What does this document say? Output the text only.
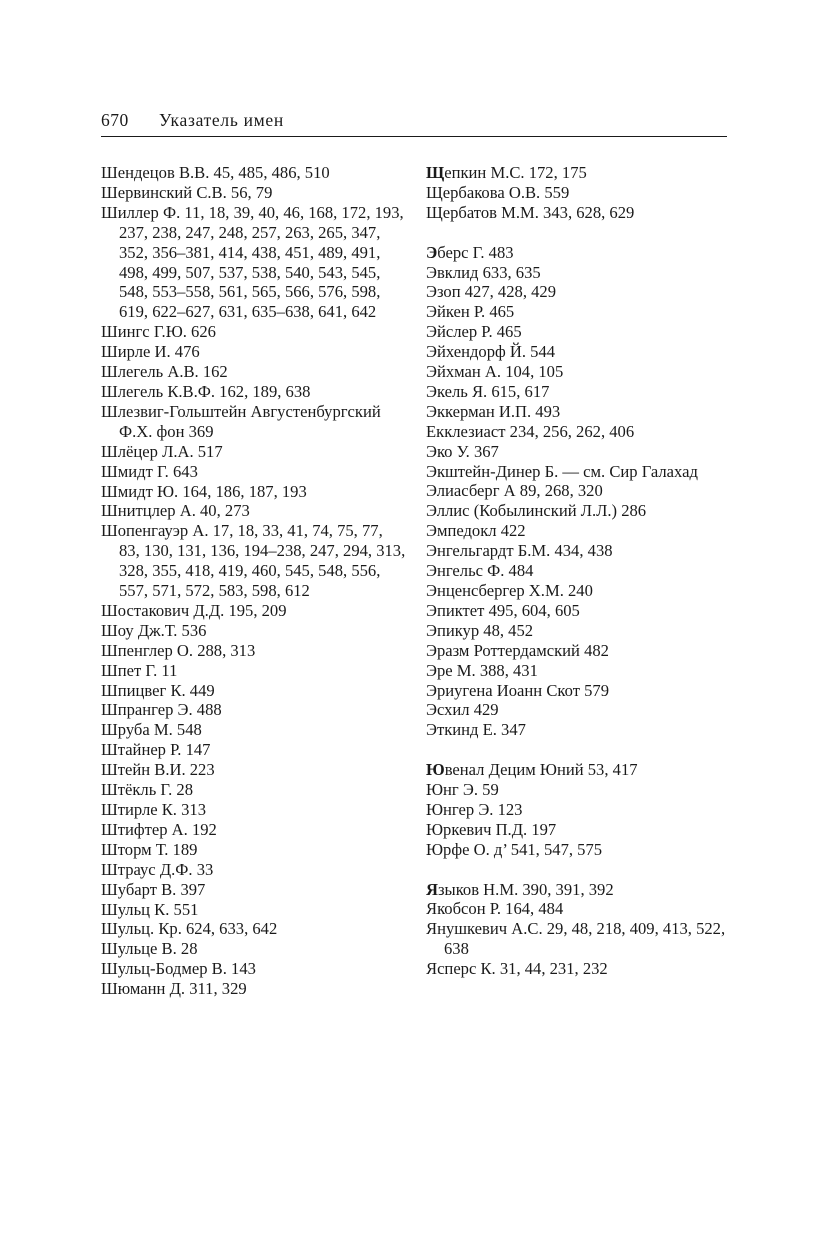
670 Указатель имен
Шендецов В.В. 45, 485, 486, 510
Шервинский С.В. 56, 79
Шиллер Ф. 11, 18, 39, 40, 46, 168, 172, 193, 237, 238, 247, 248, 257, 263, 265, 347, 352, 356–381, 414, 438, 451, 489, 491, 498, 499, 507, 537, 538, 540, 543, 545, 548, 553–558, 561, 565, 566, 576, 598, 619, 622–627, 631, 635–638, 641, 642
Шингс Г.Ю. 626
Ширле И. 476
Шлегель А.В. 162
Шлегель К.В.Ф. 162, 189, 638
Шлезвиг-Гольштейн Августенбургский Ф.Х. фон 369
Шлёцер Л.А. 517
Шмидт Г. 643
Шмидт Ю. 164, 186, 187, 193
Шнитцлер А. 40, 273
Шопенгауэр А. 17, 18, 33, 41, 74, 75, 77, 83, 130, 131, 136, 194–238, 247, 294, 313, 328, 355, 418, 419, 460, 545, 548, 556, 557, 571, 572, 583, 598, 612
Шостакович Д.Д. 195, 209
Шоу Дж.Т. 536
Шпенглер О. 288, 313
Шпет Г. 11
Шпицвег К. 449
Шпрангер Э. 488
Шруба М. 548
Штайнер Р. 147
Штейн В.И. 223
Штёкль Г. 28
Штирле К. 313
Штифтер А. 192
Шторм Т. 189
Штраус Д.Ф. 33
Шубарт В. 397
Шульц К. 551
Шульц. Кр. 624, 633, 642
Шульце В. 28
Шульц-Бодмер В. 143
Шюманн Д. 311, 329
Щепкин М.С. 172, 175
Щербакова О.В. 559
Щербатов М.М. 343, 628, 629
Эберс Г. 483
Эвклид 633, 635
Эзоп 427, 428, 429
Эйкен Р. 465
Эйслер Р. 465
Эйхендорф Й. 544
Эйхман А. 104, 105
Экель Я. 615, 617
Эккерман И.П. 493
Екклезиаст 234, 256, 262, 406
Эко У. 367
Экштейн-Динер Б. — см. Сир Галахад
Элиасберг А 89, 268, 320
Эллис (Кобылинский Л.Л.) 286
Эмпедокл 422
Энгельгардт Б.М. 434, 438
Энгельс Ф. 484
Энценсбергер Х.М. 240
Эпиктет 495, 604, 605
Эпикур 48, 452
Эразм Роттердамский 482
Эре М. 388, 431
Эриугена Иоанн Скот 579
Эсхил 429
Эткинд Е. 347
Ювенал Децим Юний 53, 417
Юнг Э. 59
Юнгер Э. 123
Юркевич П.Д. 197
Юрфе О. д’ 541, 547, 575
Языков Н.М. 390, 391, 392
Якобсон Р. 164, 484
Янушкевич А.С. 29, 48, 218, 409, 413, 522, 638
Ясперс К. 31, 44, 231, 232
